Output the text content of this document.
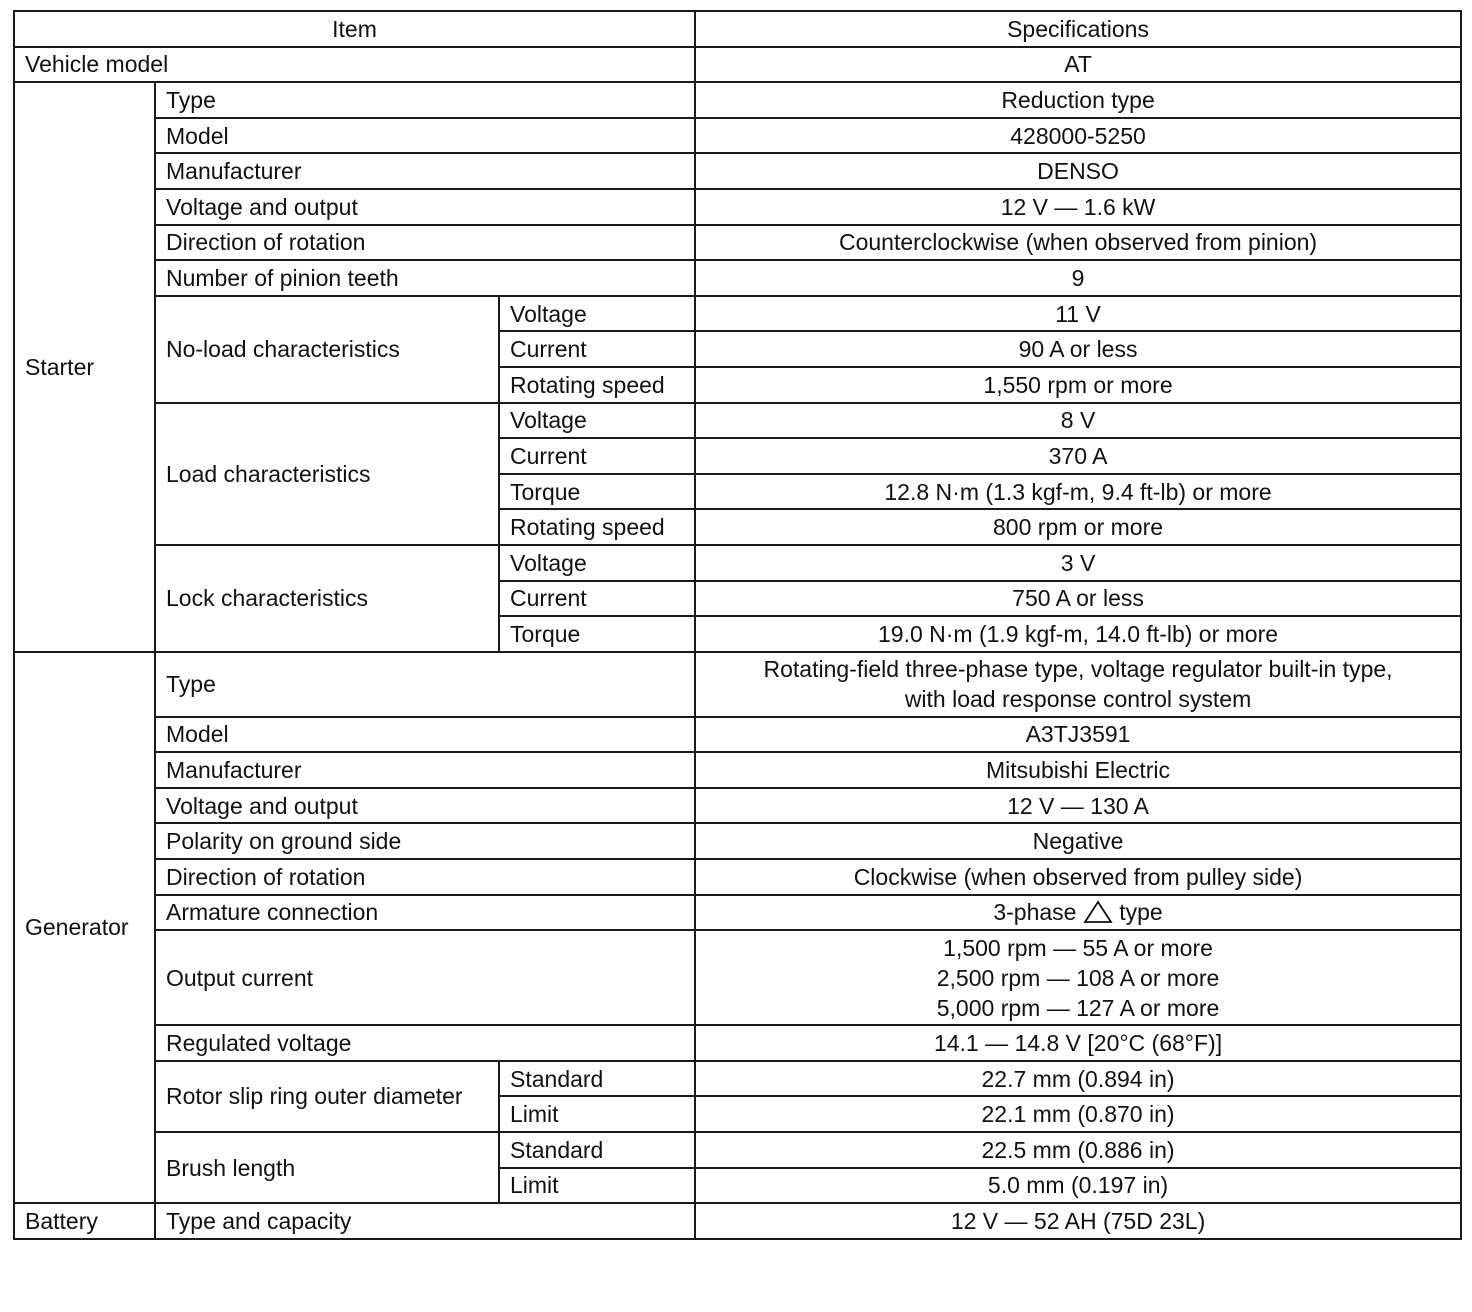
Item			Specifications
Vehicle model			AT
Starter	Type		Reduction type
	Model		428000-5250
	Manufacturer		DENSO
	Voltage and output		12 V — 1.6 kW
	Direction of rotation		Counterclockwise (when observed from pinion)
	Number of pinion teeth		9
	No-load characteristics	Voltage	11 V
		Current	90 A or less
		Rotating speed	1,550 rpm or more
	Load characteristics	Voltage	8 V
		Current	370 A
		Torque	12.8 N·m (1.3 kgf-m, 9.4 ft-lb) or more
		Rotating speed	800 rpm or more
	Lock characteristics	Voltage	3 V
		Current	750 A or less
		Torque	19.0 N·m (1.9 kgf-m, 14.0 ft-lb) or more
Generator	Type		Rotating-field three-phase type, voltage regulator built-in type,
with load response control system

	Model		A3TJ3591
	Manufacturer		Mitsubishi Electric
	Voltage and output		12 V — 130 A
	Polarity on ground side		Negative
	Direction of rotation		Clockwise (when observed from pulley side)
	Armature connection		3-phase type
	Output current		1,500 rpm — 55 A or more
2,500 rpm — 108 A or more
5,000 rpm — 127 A or more

	Regulated voltage		14.1 — 14.8 V [20°C (68°F)]
	Rotor slip ring outer diameter	Standard	22.7 mm (0.894 in)
		Limit	22.1 mm (0.870 in)
	Brush length	Standard	22.5 mm (0.886 in)
		Limit	5.0 mm (0.197 in)
Battery	Type and capacity		12 V — 52 AH (75D 23L)
